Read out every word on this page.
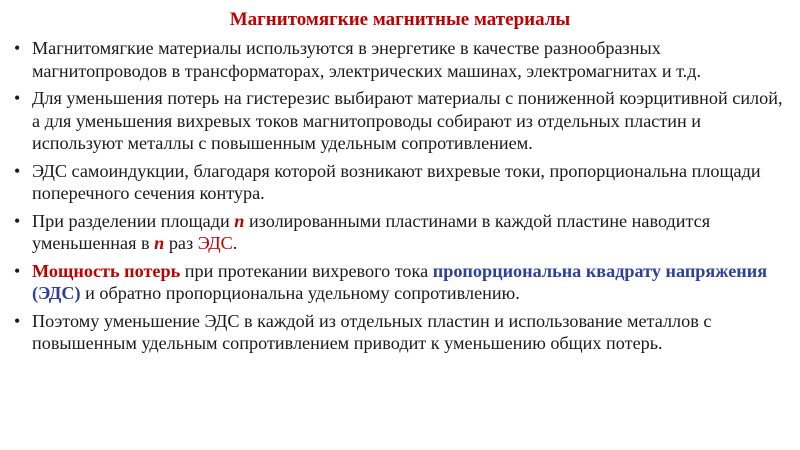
Магнитомягкие магнитные материалы
• Магнитомягкие материалы используются в энергетике в качестве разнообразных магнитопроводов в трансформаторах, электрических машинах, электромагнитах и т.д.
• Для уменьшения потерь на гистерезис выбирают материалы с пониженной коэрцитивной силой, а для уменьшения вихревых токов магнитопроводы собирают из отдельных пластин и используют металлы с повышенным удельным сопротивлением.
• ЭДС самоиндукции, благодаря которой возникают вихревые токи, пропорциональна площади поперечного сечения контура.
• При разделении площади n изолированными пластинами в каждой пластине наводится уменьшенная в n раз ЭДС.
• Мощность потерь при протекании вихревого тока пропорциональна квадрату напряжения (ЭДС) и обратно пропорциональна удельному сопротивлению.
• Поэтому уменьшение ЭДС в каждой из отдельных пластин и использование металлов с повышенным удельным сопротивлением приводит к уменьшению общих потерь.
